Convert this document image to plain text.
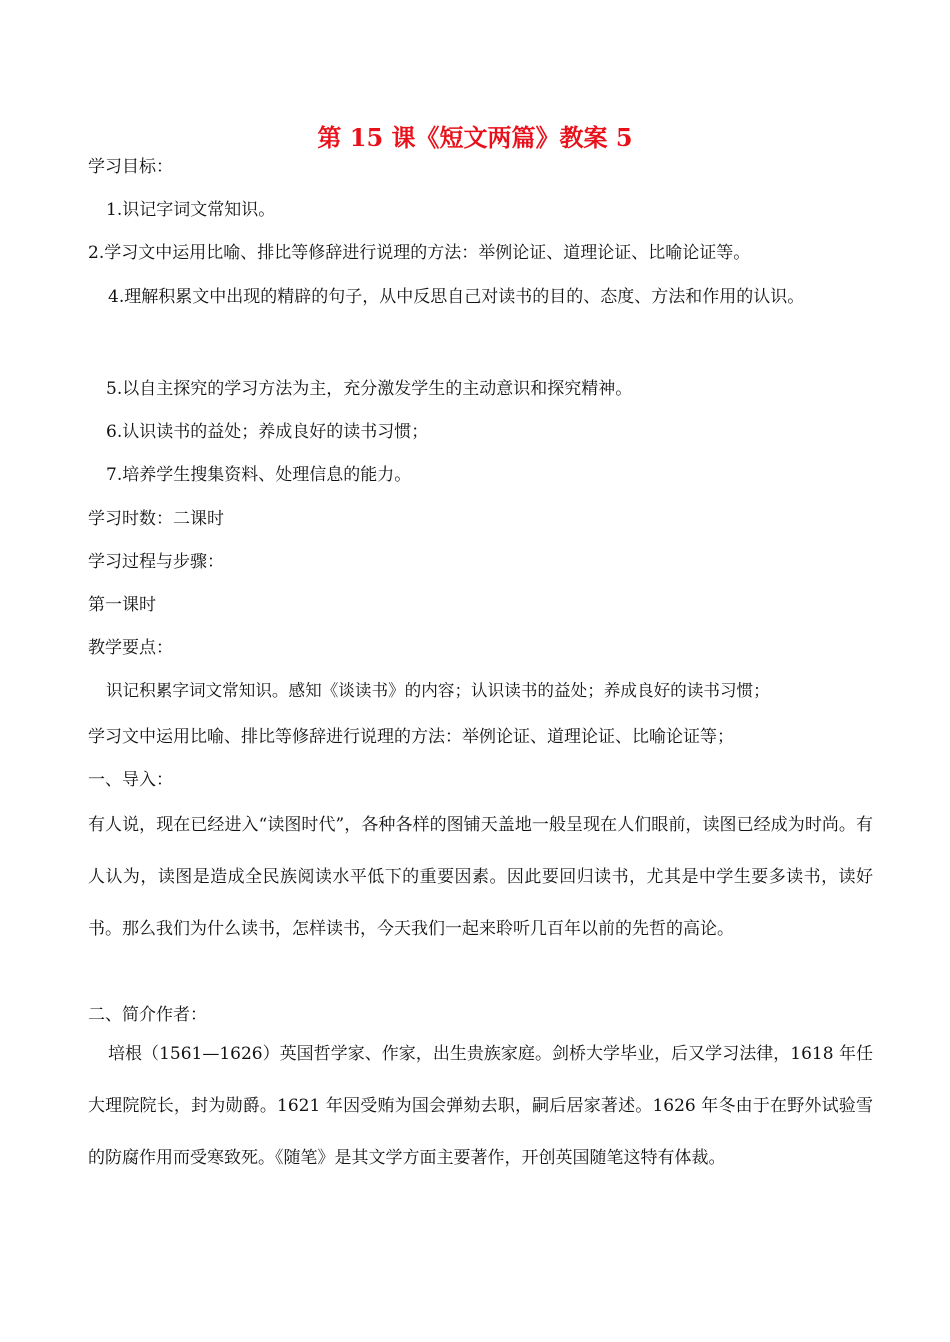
第 15 课《短文两篇》教案 5
学习目标：
1.识记字词文常知识。
2.学习文中运用比喻、排比等修辞进行说理的方法：举例论证、道理论证、比喻论证等。
4.理解积累文中出现的精辟的句子，从中反思自己对读书的目的、态度、方法和作用的认识。
5.以自主探究的学习方法为主，充分激发学生的主动意识和探究精神。
6.认识读书的益处；养成良好的读书习惯；
7.培养学生搜集资料、处理信息的能力。
学习时数：二课时
学习过程与步骤：
第一课时
教学要点：
识记积累字词文常知识。感知《谈读书》的内容；认识读书的益处；养成良好的读书习惯；
学习文中运用比喻、排比等修辞进行说理的方法：举例论证、道理论证、比喻论证等；
一、导入：
有人说，现在已经进入“读图时代”，各种各样的图铺天盖地一般呈现在人们眼前，读图已经成为时尚。有人认为，读图是造成全民族阅读水平低下的重要因素。因此要回归读书，尤其是中学生要多读书，读好书。那么我们为什么读书，怎样读书，今天我们一起来聆听几百年以前的先哲的高论。
二、简介作者：
培根（1561—1626）英国哲学家、作家，出生贵族家庭。剑桥大学毕业，后又学习法律，1618 年任大理院院长，封为勋爵。1621 年因受贿为国会弹劾去职，嗣后居家著述。1626 年冬由于在野外试验雪的防腐作用而受寒致死。《随笔》是其文学方面主要著作，开创英国随笔这特有体裁。
